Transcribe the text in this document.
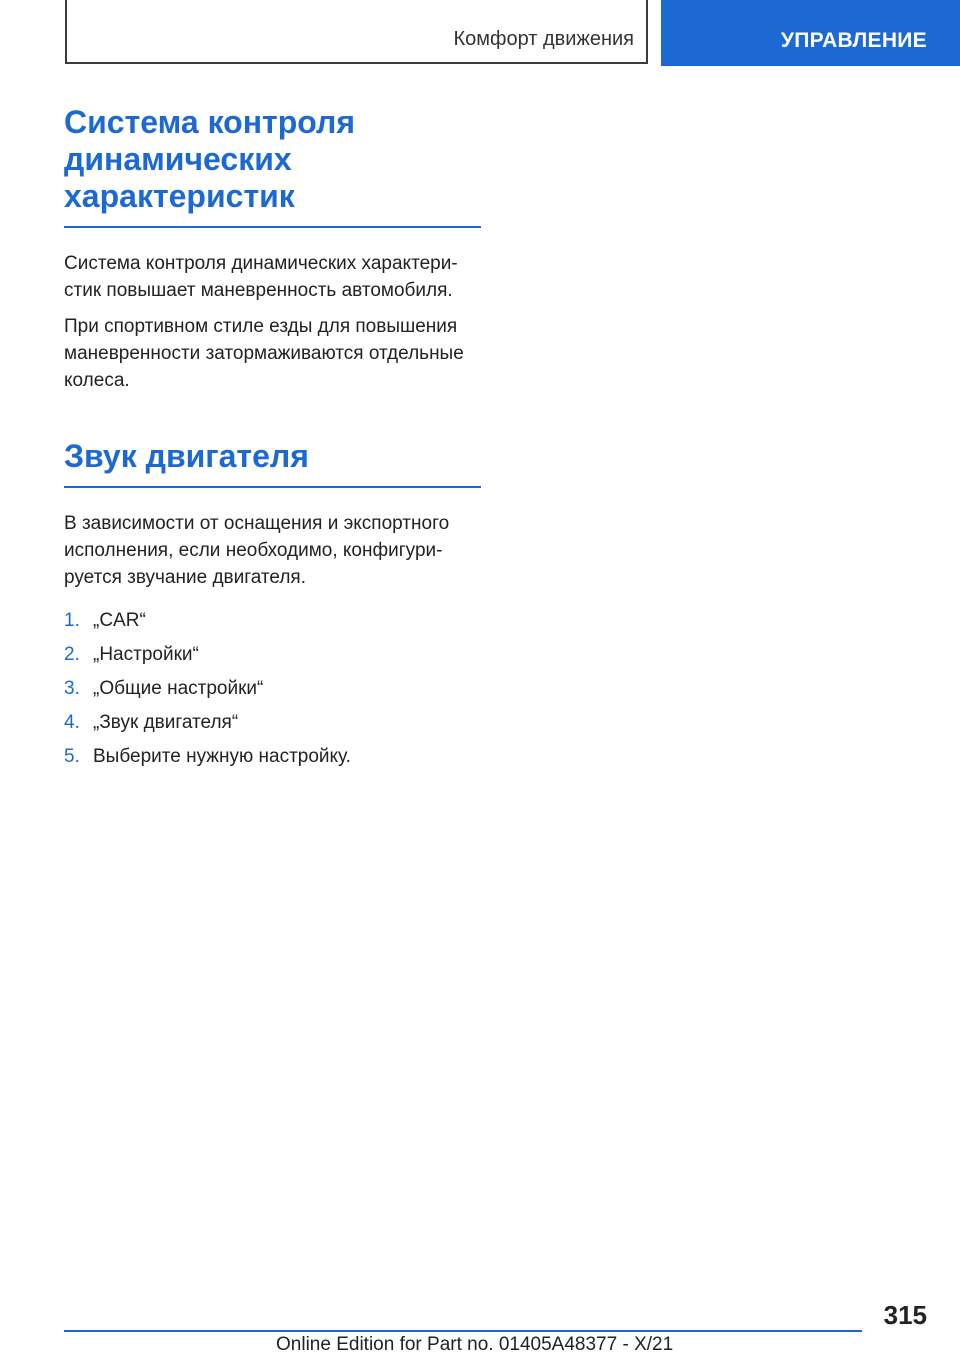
Комфорт движения	УПРАВЛЕНИЕ
Система контроля
динамических
характеристик

Система контроля динамических характери-
стик повышает маневренность автомобиля.

При спортивном стиле езды для повышения
маневренности затормаживаются отдельные
колеса.

Звук двигателя

В зависимости от оснащения и экспортного
исполнения, если необходимо, конфигури-
руется звучание двигателя.

1. „CAR“
2. „Настройки“
3. „Общие настройки“
4. „Звук двигателя“
5. Выберите нужную настройку.
315
Online Edition for Part no. 01405A48377 - X/21
